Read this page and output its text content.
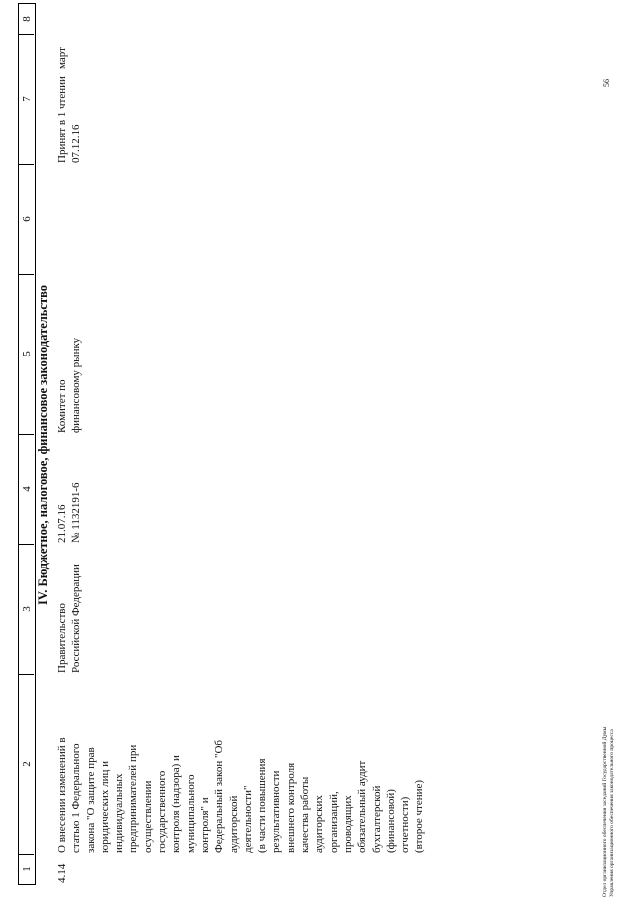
1
2
3
4
5
6
7
8
IV. Бюджетное, налоговое, финансовое законодательство
4.14
О внесении изменений в
статью 1 Федерального
закона "О защите прав
юридических лиц и
индивидуальных
предпринимателей при
осуществлении
государственного
контроля (надзора) и
муниципального
контроля" и
Федеральный закон "Об
аудиторской
деятельности"
(в части повышения
результативности
внешнего контроля
качества работы
аудиторских
организаций,
проводящих
обязательный аудит
бухгалтерской
(финансовой)
отчетности)
(второе чтение)
Правительство
Российской Федерации
21.07.16
№ 1132191-6
Комитет по
финансовому рынку
Принят в 1 чтении
07.12.16
март
Отдел организационного обеспечения заседаний Государственной Думы
Управления организационного обеспечения законодательного процесса
56
